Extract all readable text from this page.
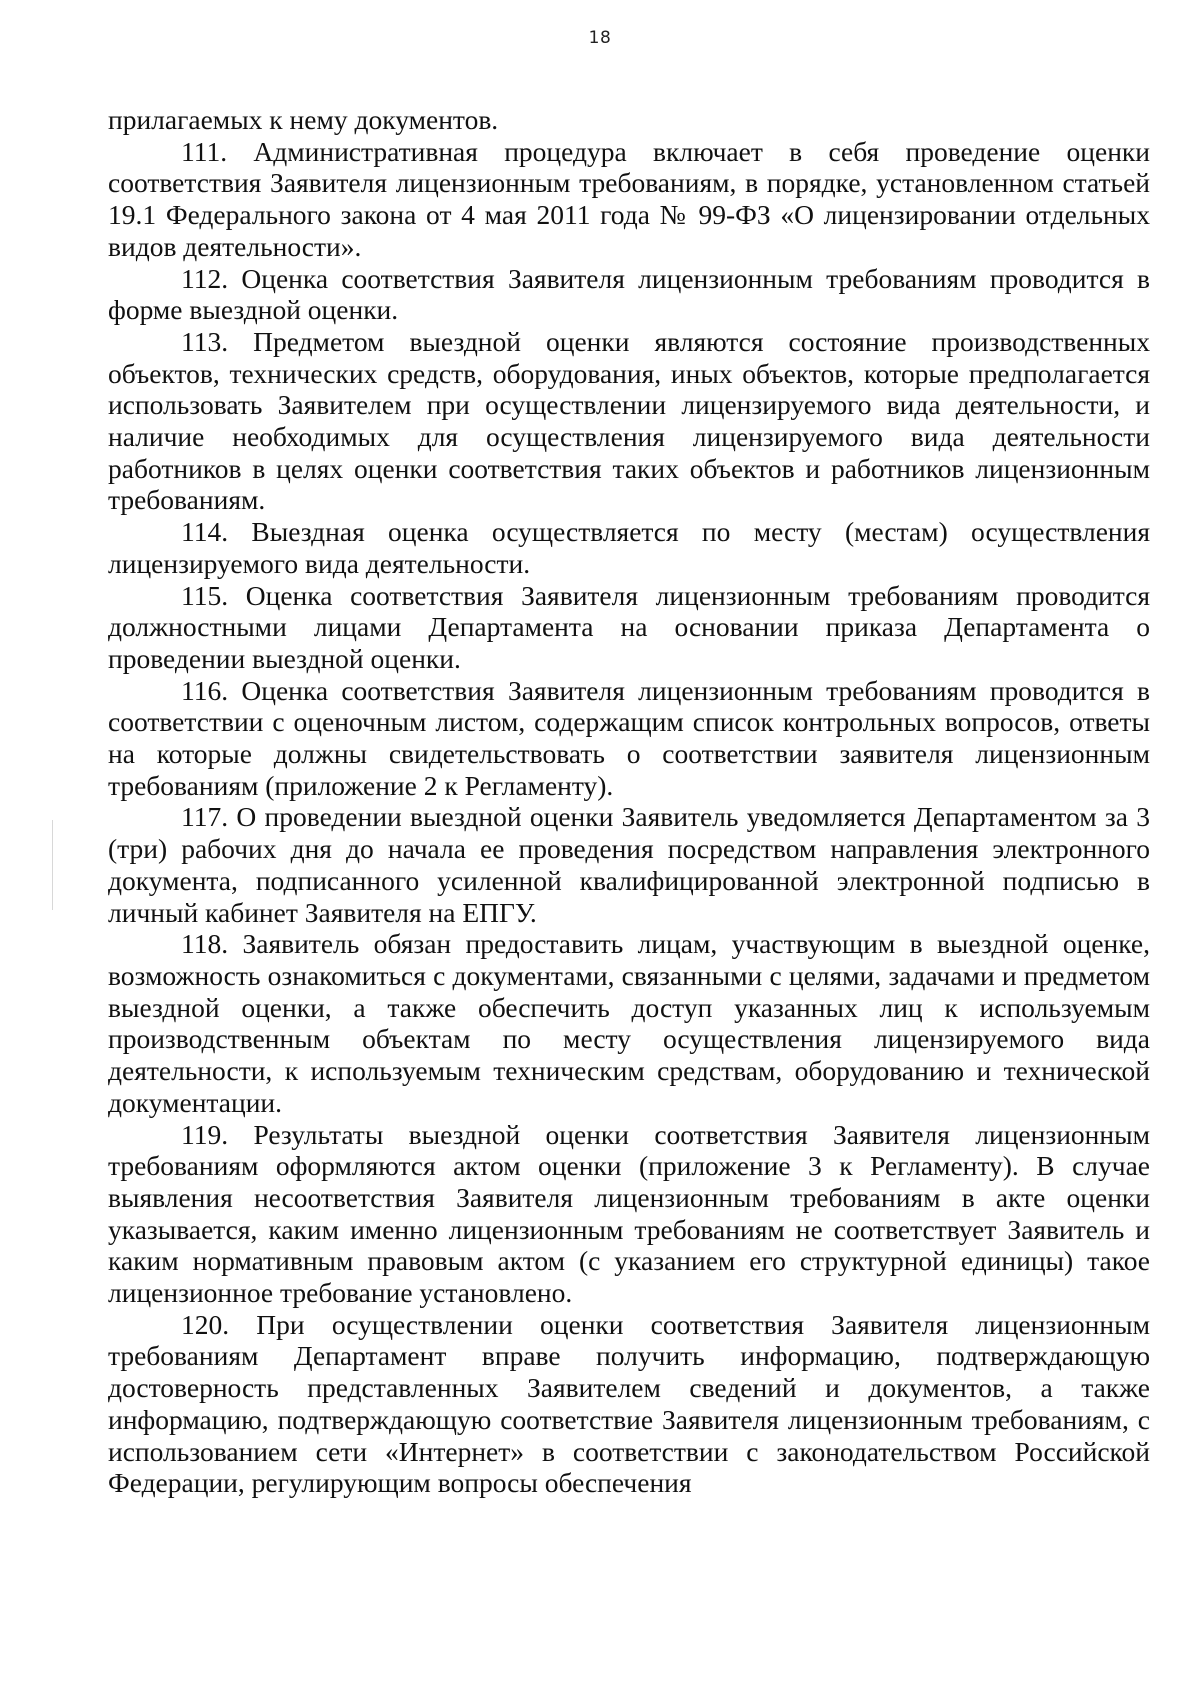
18

прилагаемых к нему документов.

111. Административная процедура включает в себя проведение оценки соответствия Заявителя лицензионным требованиям, в порядке, установленном статьей 19.1 Федерального закона от 4 мая 2011 года № 99-ФЗ «О лицензировании отдельных видов деятельности».

112. Оценка соответствия Заявителя лицензионным требованиям проводится в форме выездной оценки.

113. Предметом выездной оценки являются состояние производственных объектов, технических средств, оборудования, иных объектов, которые предполагается использовать Заявителем при осуществлении лицензируемого вида деятельности, и наличие необходимых для осуществления лицензируемого вида деятельности работников в целях оценки соответствия таких объектов и работников лицензионным требованиям.

114. Выездная оценка осуществляется по месту (местам) осуществления лицензируемого вида деятельности.

115. Оценка соответствия Заявителя лицензионным требованиям проводится должностными лицами Департамента на основании приказа Департамента о проведении выездной оценки.

116. Оценка соответствия Заявителя лицензионным требованиям проводится в соответствии с оценочным листом, содержащим список контрольных вопросов, ответы на которые должны свидетельствовать о соответствии заявителя лицензионным требованиям (приложение 2 к Регламенту).

117. О проведении выездной оценки Заявитель уведомляется Департаментом за 3 (три) рабочих дня до начала ее проведения посредством направления электронного документа, подписанного усиленной квалифицированной электронной подписью в личный кабинет Заявителя на ЕПГУ.

118. Заявитель обязан предоставить лицам, участвующим в выездной оценке, возможность ознакомиться с документами, связанными с целями, задачами и предметом выездной оценки, а также обеспечить доступ указанных лиц к используемым производственным объектам по месту осуществления лицензируемого вида деятельности, к используемым техническим средствам, оборудованию и технической документации.

119. Результаты выездной оценки соответствия Заявителя лицензионным требованиям оформляются актом оценки (приложение 3 к Регламенту). В случае выявления несоответствия Заявителя лицензионным требованиям в акте оценки указывается, каким именно лицензионным требованиям не соответствует Заявитель и каким нормативным правовым актом (с указанием его структурной единицы) такое лицензионное требование установлено.

120. При осуществлении оценки соответствия Заявителя лицензионным требованиям Департамент вправе получить информацию, подтверждающую достоверность представленных Заявителем сведений и документов, а также информацию, подтверждающую соответствие Заявителя лицензионным требованиям, с использованием сети «Интернет» в соответствии с законодательством Российской Федерации, регулирующим вопросы обеспечения
